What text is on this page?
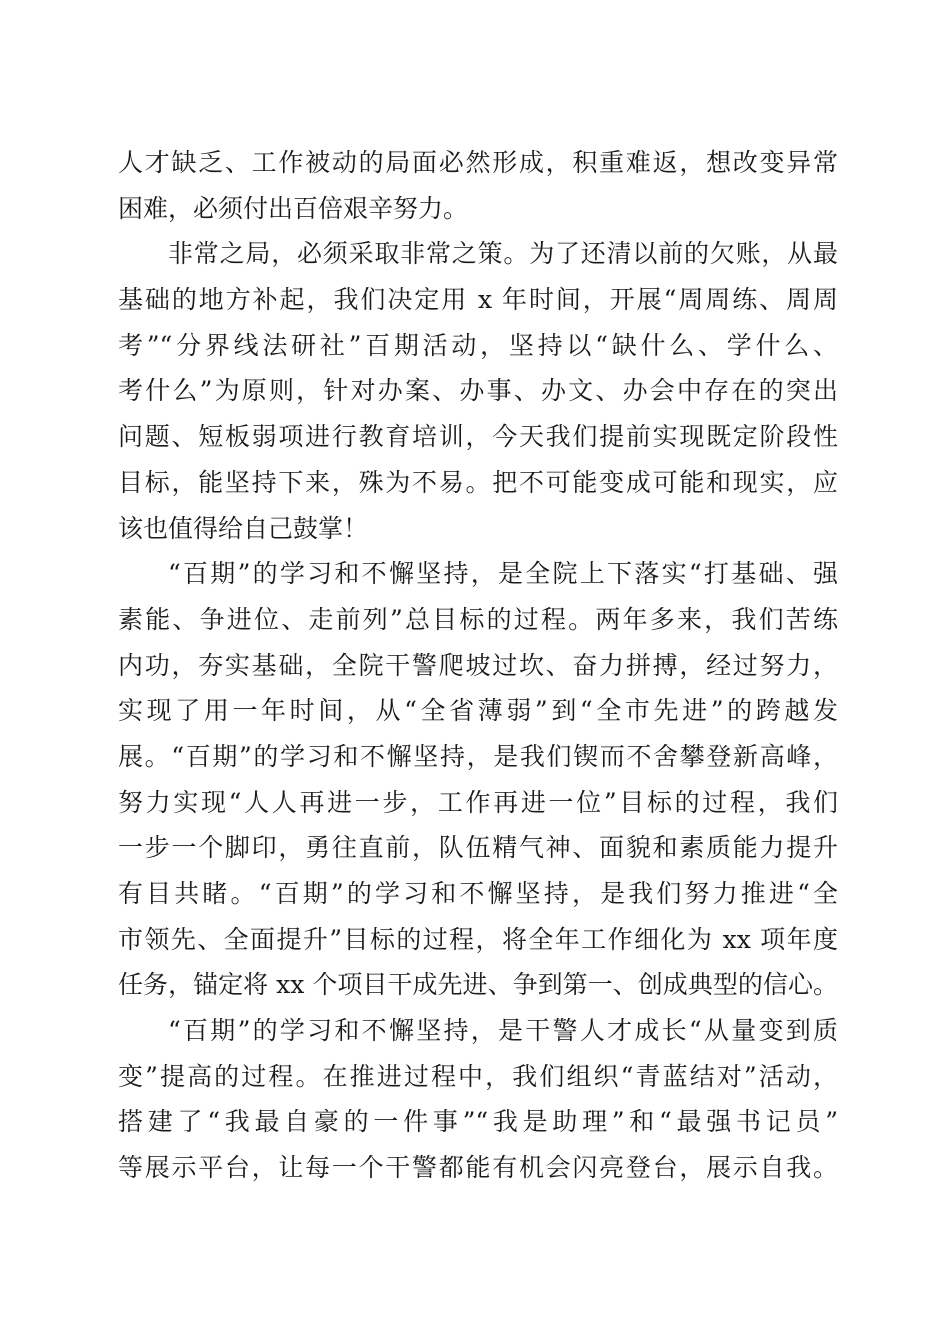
人才缺乏、工作被动的局面必然形成，积重难返，想改变异常
困难，必须付出百倍艰辛努力。
非常之局，必须采取非常之策。为了还清以前的欠账，从最
基础的地方补起，我们决定用 x 年时间，开展“周周练、周周
考”“分界线法研社”百期活动，坚持以“缺什么、学什么、
考什么”为原则，针对办案、办事、办文、办会中存在的突出
问题、短板弱项进行教育培训，今天我们提前实现既定阶段性
目标，能坚持下来，殊为不易。把不可能变成可能和现实，应
该也值得给自己鼓掌！
“百期”的学习和不懈坚持，是全院上下落实“打基础、强
素能、争进位、走前列”总目标的过程。两年多来，我们苦练
内功，夯实基础，全院干警爬坡过坎、奋力拼搏，经过努力，
实现了用一年时间，从“全省薄弱”到“全市先进”的跨越发
展。“百期”的学习和不懈坚持，是我们锲而不舍攀登新高峰，
努力实现“人人再进一步，工作再进一位”目标的过程，我们
一步一个脚印，勇往直前，队伍精气神、面貌和素质能力提升
有目共睹。“百期”的学习和不懈坚持，是我们努力推进“全
市领先、全面提升”目标的过程，将全年工作细化为 xx 项年度
任务，锚定将 xx 个项目干成先进、争到第一、创成典型的信心。
“百期”的学习和不懈坚持，是干警人才成长“从量变到质
变”提高的过程。在推进过程中，我们组织“青蓝结对”活动，
搭建了“我最自豪的一件事”“我是助理”和“最强书记员”
等展示平台，让每一个干警都能有机会闪亮登台，展示自我。
